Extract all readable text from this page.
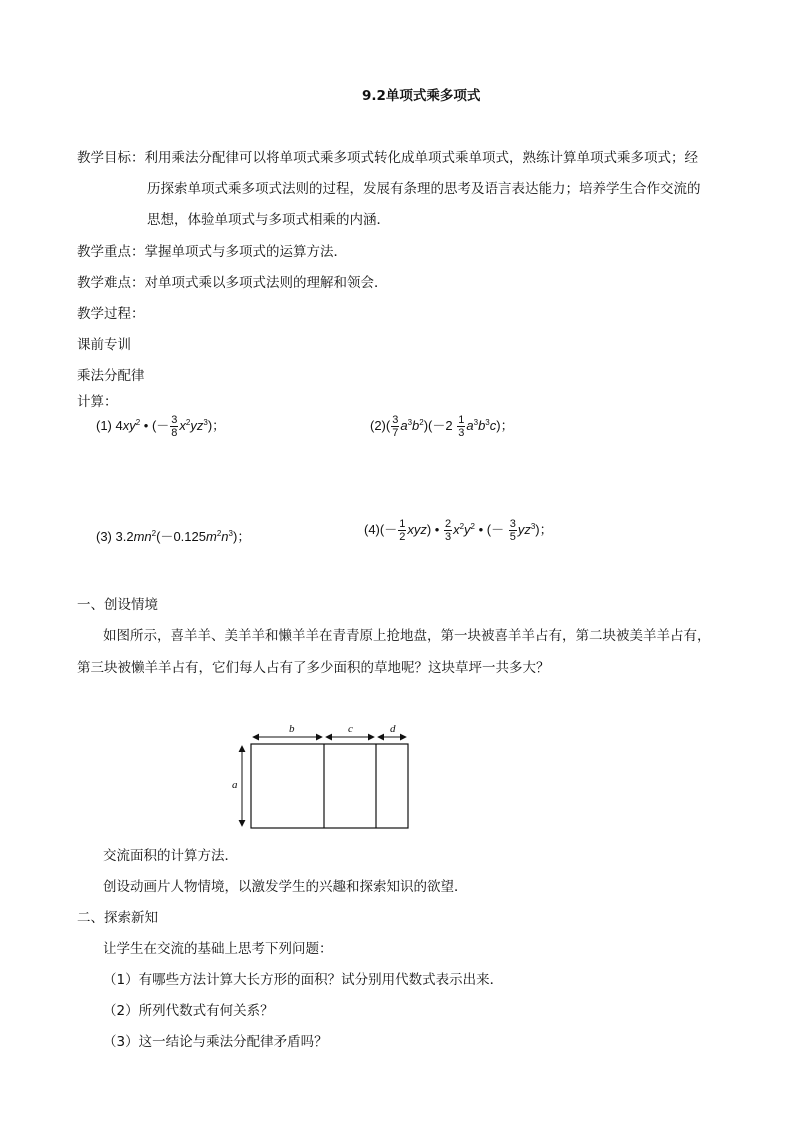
9.2单项式乘多项式
教学目标：利用乘法分配律可以将单项式乘多项式转化成单项式乘单项式，熟练计算单项式乘多项式；经
历探索单项式乘多项式法则的过程，发展有条理的思考及语言表达能力；培养学生合作交流的
思想，体验单项式与多项式相乘的内涵．
教学重点：掌握单项式与多项式的运算方法．
教学难点：对单项式乘以多项式法则的理解和领会．
教学过程：
课前专训
乘法分配律
计算：
(1) $4xy^2$ • (－ $\frac{3}{8} x^2yz^3$)；	$(2)( \frac{3}{7} a^3b^2)(-2 \frac{1}{3} a^3b^3c)$；
(3) $3.2mn^2(-0.125m^2n^3)$；	$(4)(- \frac{1}{2} xyz)$ • $\frac{2}{3} x^2y^2$ • (－ $\frac{3}{5} yz^3$)；
一、创设情境
如图所示，喜羊羊、美羊羊和懒羊羊在青青原上抢地盘，第一块被喜羊羊占有，第二块被美羊羊占有，
第三块被懒羊羊占有，它们每人占有了多少面积的草地呢？这块草坪一共多大？
b	c	d
a
交流面积的计算方法．
创设动画片人物情境，以激发学生的兴趣和探索知识的欲望．
二、探索新知
让学生在交流的基础上思考下列问题：
（1）有哪些方法计算大长方形的面积？试分别用代数式表示出来．
（2）所列代数式有何关系？
（3）这一结论与乘法分配律矛盾吗？
